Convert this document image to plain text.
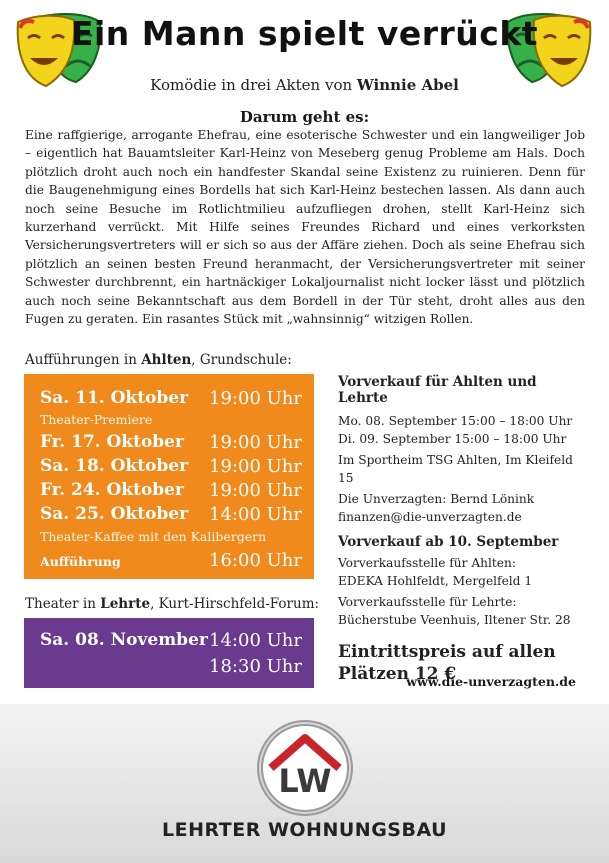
Ein Mann spielt verrückt
Komödie in drei Akten von Winnie Abel
Darum geht es:
Eine raffgierige, arrogante Ehefrau, eine esoterische Schwester und ein langweiliger Job – eigentlich hat Bauamtsleiter Karl-Heinz von Meseberg genug Probleme am Hals. Doch plötzlich droht auch noch ein handfester Skandal seine Existenz zu ruinieren. Denn für die Baugenehmigung eines Bordells hat sich Karl-Heinz bestechen lassen. Als dann auch noch seine Besuche im Rotlichtmilieu aufzufliegen drohen, stellt Karl-Heinz sich kurzerhand verrückt. Mit Hilfe seines Freundes Richard und eines verkorksten Versicherungsvertreters will er sich so aus der Affäre ziehen. Doch als seine Ehefrau sich plötzlich an seinen besten Freund heranmacht, der Versicherungsvertreter mit seiner Schwester durchbrennt, ein hartnäckiger Lokaljournalist nicht locker lässt und plötzlich auch noch seine Bekanntschaft aus dem Bordell in der Tür steht, droht alles aus den Fugen zu geraten. Ein rasantes Stück mit „wahnsinnig“ witzigen Rollen.
Aufführungen in Ahlten, Grundschule:
Sa. 11. Oktober 19:00 Uhr
Theater-Premiere
Fr. 17. Oktober 19:00 Uhr
Sa. 18. Oktober 19:00 Uhr
Fr. 24. Oktober 19:00 Uhr
Sa. 25. Oktober 14:00 Uhr
Theater-Kaffee mit den Kalibergern
Aufführung	16:00 Uhr
Theater in Lehrte, Kurt-Hirschfeld-Forum:
Sa. 08. November 14:00 Uhr
18:30 Uhr
Vorverkauf für Ahlten und Lehrte
Mo. 08. September 15:00 – 18:00 Uhr
Di. 09. September 15:00 – 18:00 Uhr
Im Sportheim TSG Ahlten, Im Kleifeld 15
Die Unverzagten: Bernd Lönink
finanzen@die-unverzagten.de
Vorverkauf ab 10. September
Vorverkaufsstelle für Ahlten:
EDEKA Hohlfeldt, Mergelfeld 1
Vorverkaufsstelle für Lehrte:
Bücherstube Veenhuis, Iltener Str. 28
Eintrittspreis auf allen
Plätzen 12 €
www.die-unverzagten.de
LW
LEHRTER WOHNUNGSBAU
